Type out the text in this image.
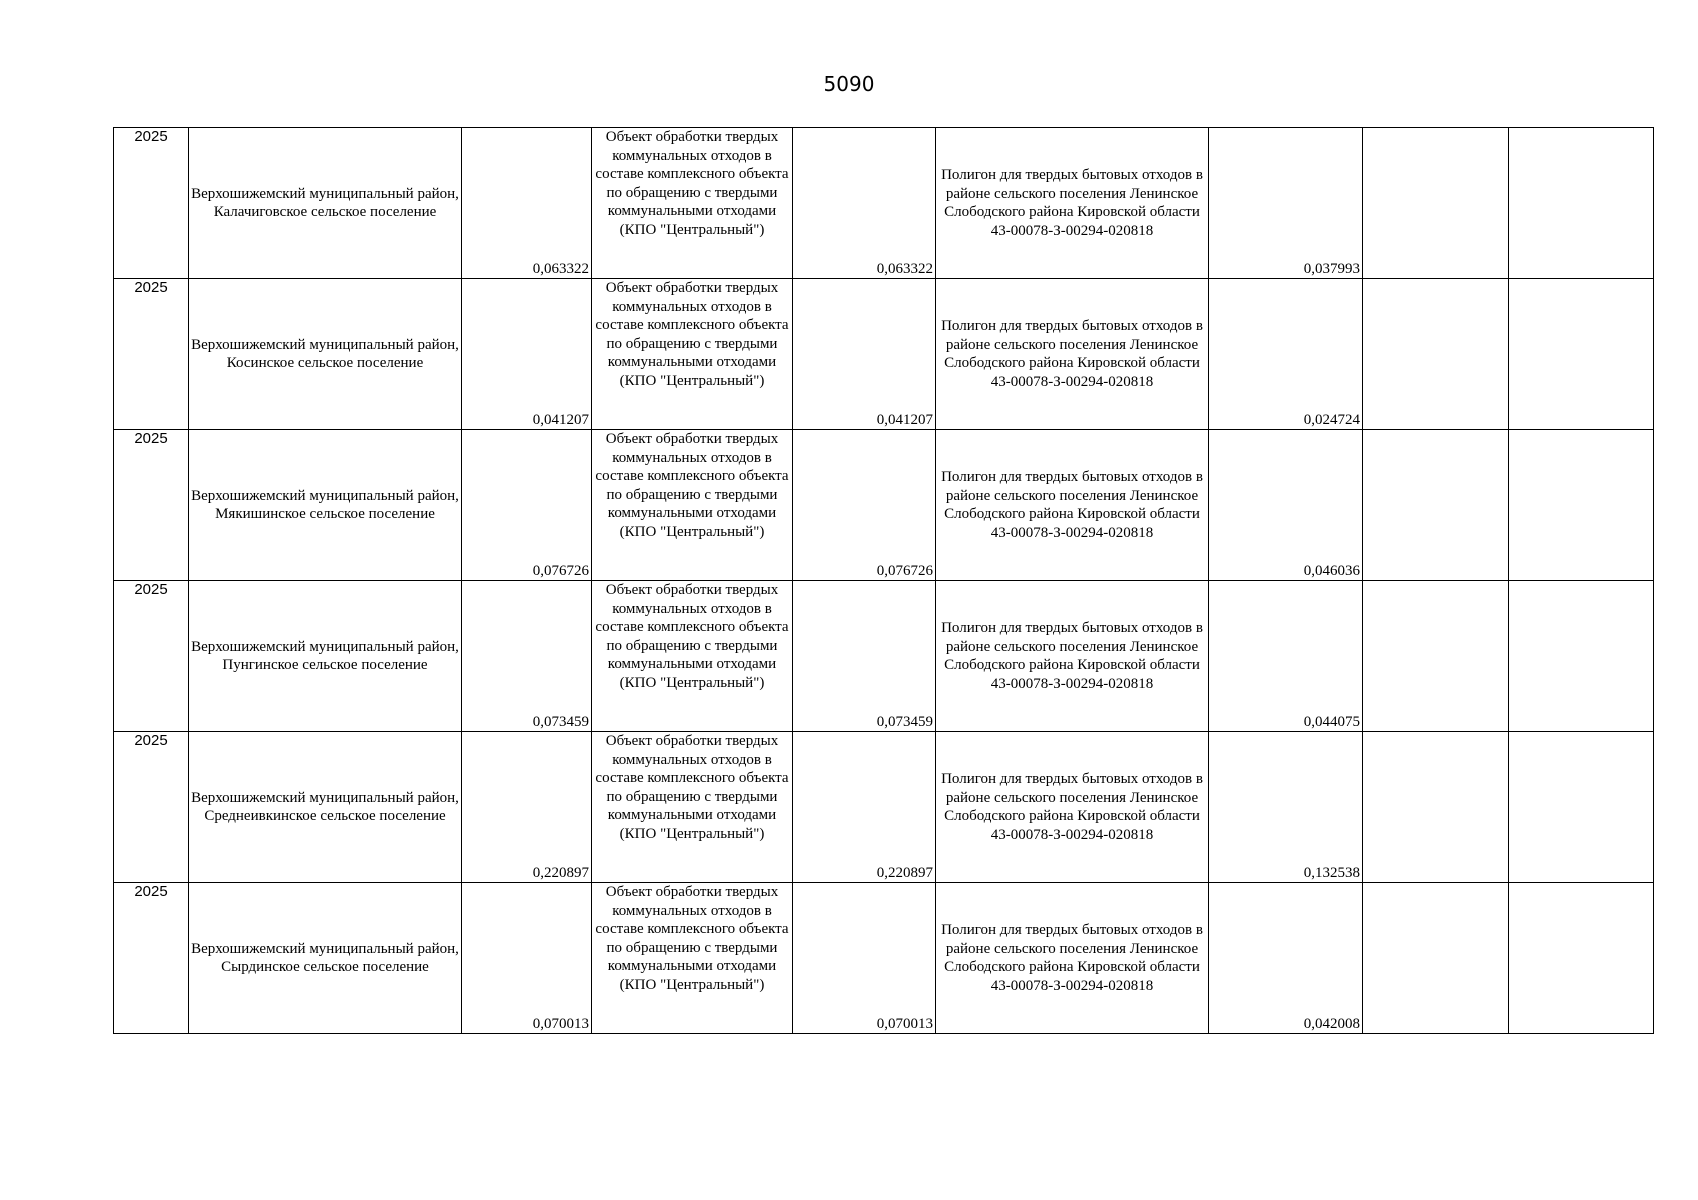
5090
2025	Верхошижемский муниципальный район, Калачиговское сельское поселение	0,063322	Объект обработки твердых коммунальных отходов в составе комплексного объекта по обращению с твердыми коммунальными отходами (КПО "Центральный")	0,063322	Полигон для твердых бытовых отходов в районе сельского поселения Ленинское Слободского района Кировской области 43-00078-З-00294-020818	0,037993		
2025	Верхошижемский муниципальный район, Косинское сельское поселение	0,041207	Объект обработки твердых коммунальных отходов в составе комплексного объекта по обращению с твердыми коммунальными отходами (КПО "Центральный")	0,041207	Полигон для твердых бытовых отходов в районе сельского поселения Ленинское Слободского района Кировской области 43-00078-З-00294-020818	0,024724		
2025	Верхошижемский муниципальный район, Мякишинское сельское поселение	0,076726	Объект обработки твердых коммунальных отходов в составе комплексного объекта по обращению с твердыми коммунальными отходами (КПО "Центральный")	0,076726	Полигон для твердых бытовых отходов в районе сельского поселения Ленинское Слободского района Кировской области 43-00078-З-00294-020818	0,046036		
2025	Верхошижемский муниципальный район, Пунгинское сельское поселение	0,073459	Объект обработки твердых коммунальных отходов в составе комплексного объекта по обращению с твердыми коммунальными отходами (КПО "Центральный")	0,073459	Полигон для твердых бытовых отходов в районе сельского поселения Ленинское Слободского района Кировской области 43-00078-З-00294-020818	0,044075		
2025	Верхошижемский муниципальный район, Среднеивкинское сельское поселение	0,220897	Объект обработки твердых коммунальных отходов в составе комплексного объекта по обращению с твердыми коммунальными отходами (КПО "Центральный")	0,220897	Полигон для твердых бытовых отходов в районе сельского поселения Ленинское Слободского района Кировской области 43-00078-З-00294-020818	0,132538		
2025	Верхошижемский муниципальный район, Сырдинское сельское поселение	0,070013	Объект обработки твердых коммунальных отходов в составе комплексного объекта по обращению с твердыми коммунальными отходами (КПО "Центральный")	0,070013	Полигон для твердых бытовых отходов в районе сельского поселения Ленинское Слободского района Кировской области 43-00078-З-00294-020818	0,042008		
